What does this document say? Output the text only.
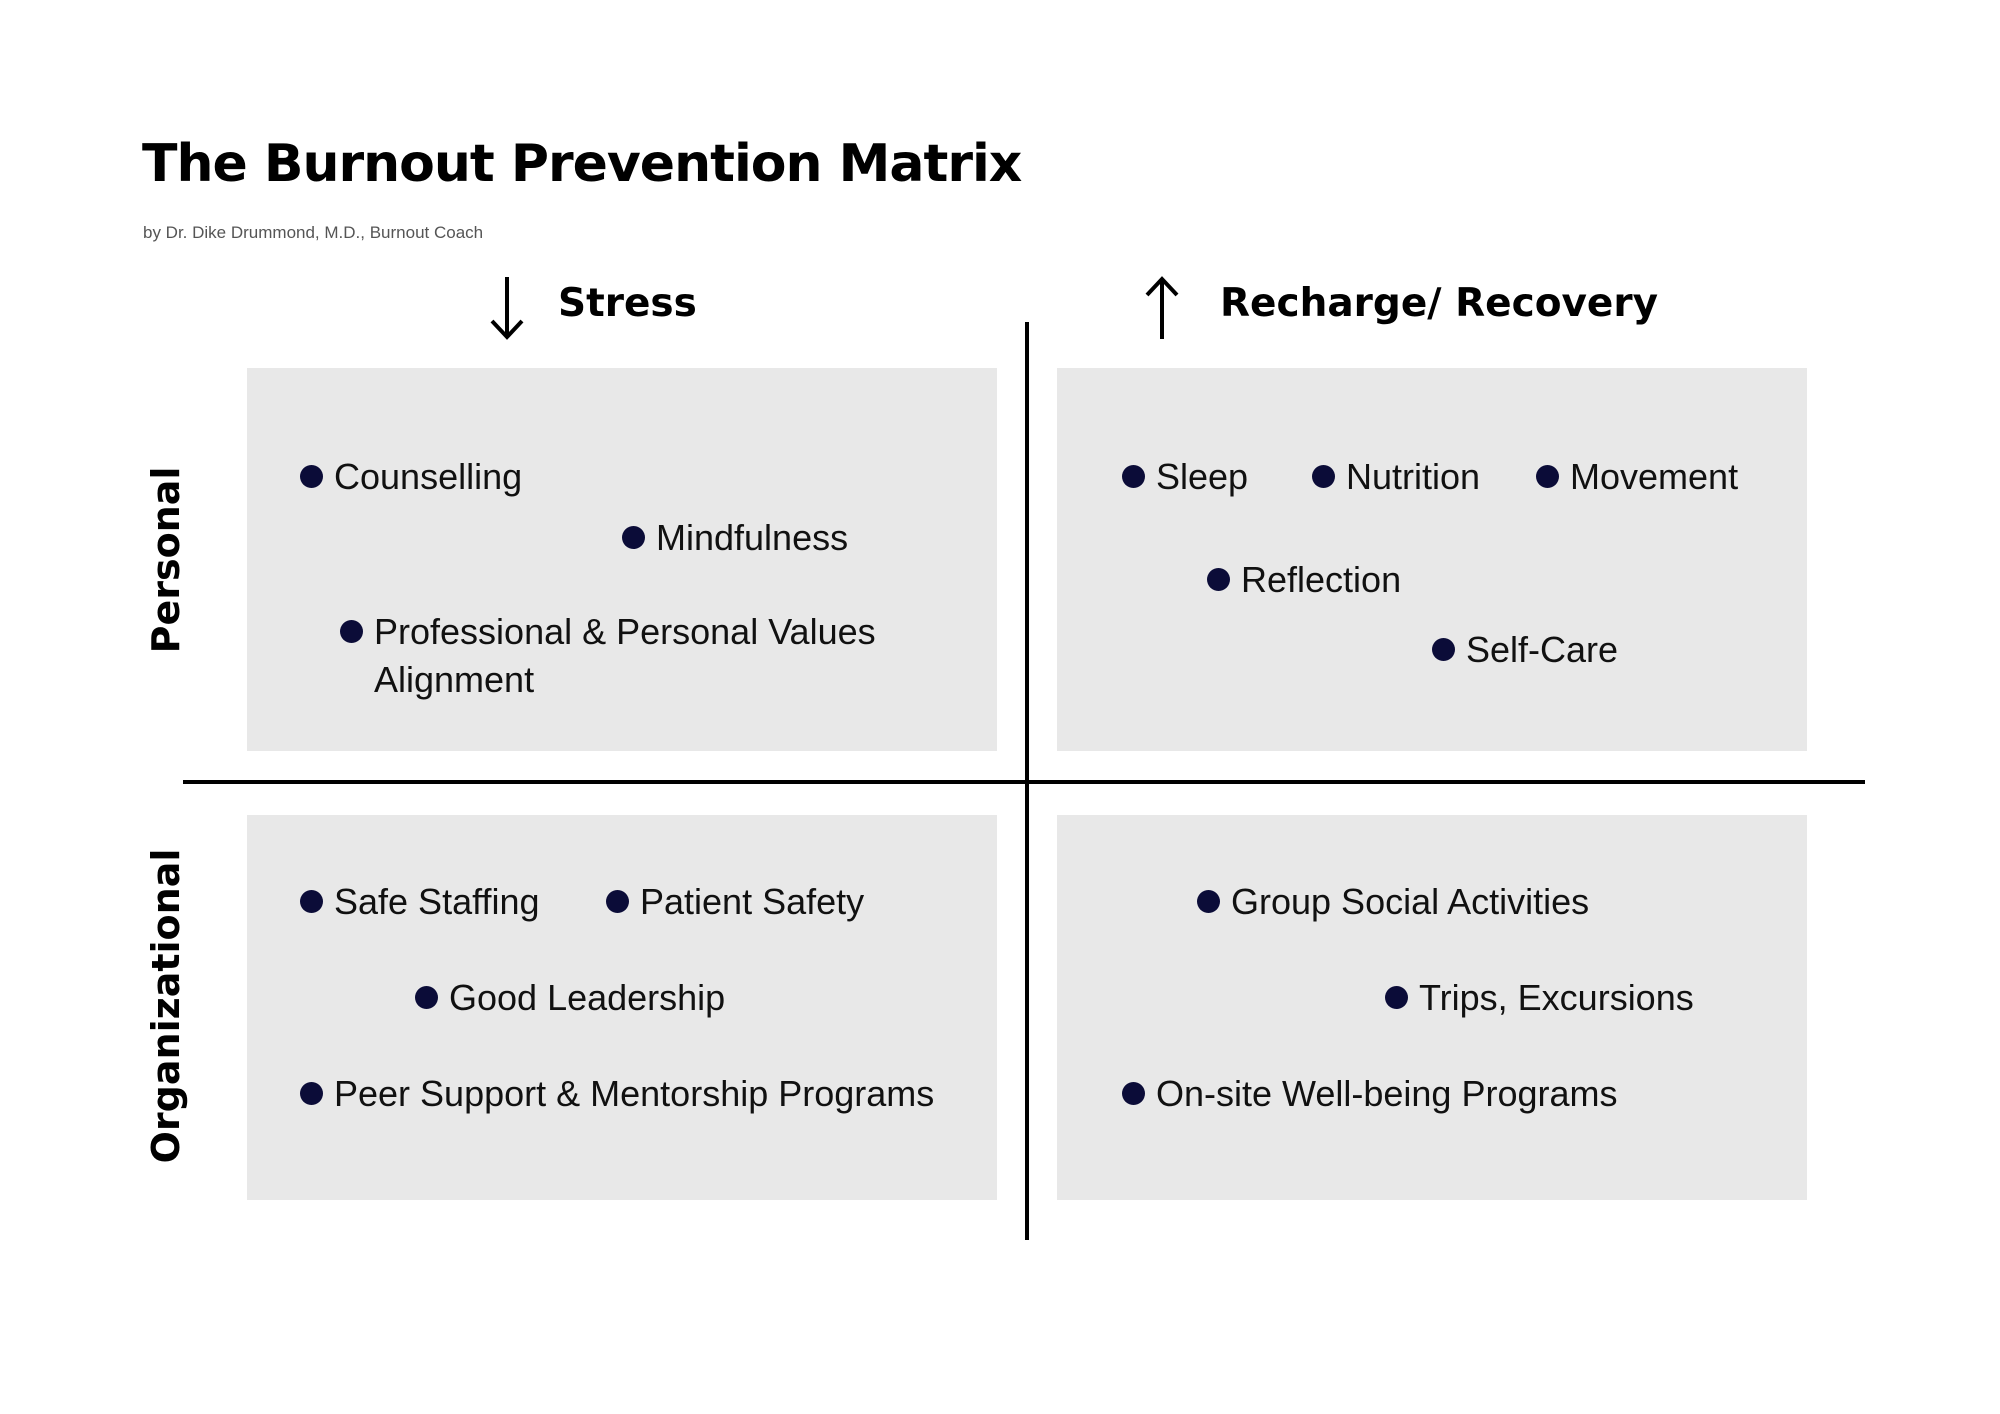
The Burnout Prevention Matrix
by Dr. Dike Drummond, M.D., Burnout Coach
Stress	Recharge/ Recovery
Personal
Organizational
Counselling
Mindfulness
Professional & Personal Values Alignment
Sleep	Nutrition Movement
Reflection
Self-Care
Safe Staffing	Patient Safety
Good Leadership
Peer Support & Mentorship Programs
Group Social Activities
Trips, Excursions
On-site Well-being Programs
